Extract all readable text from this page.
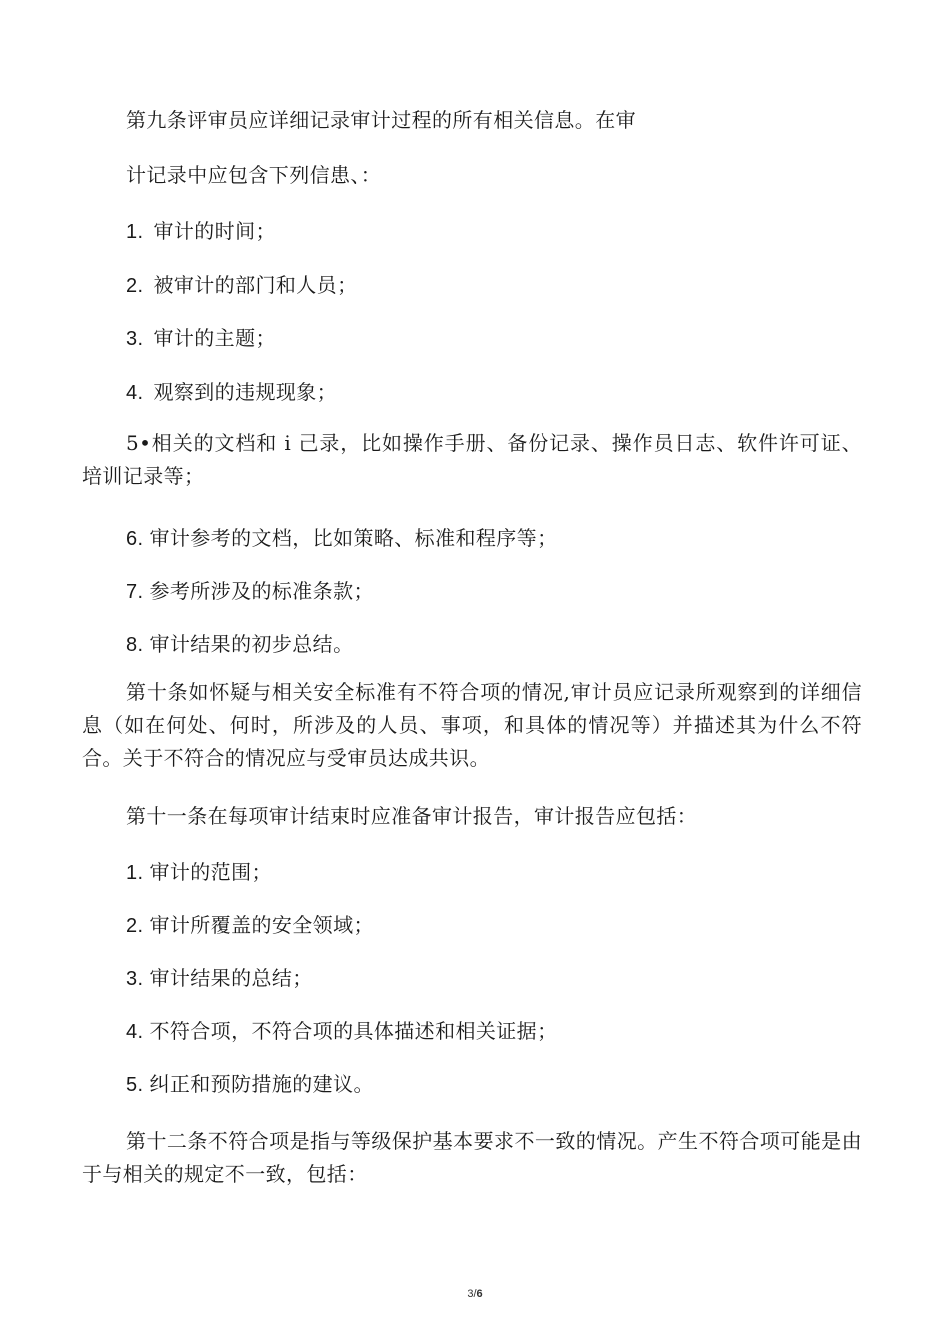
第九条评审员应详细记录审计过程的所有相关信息。在审
计记录中应包含下列信患、：
1. 审计的时间；
2. 被审计的部门和人员；
3. 审计的主题；
4. 观察到的违规现象；
5•相关的文档和 i 己录，比如操作手册、备份记录、操作员日志、软件许可证、培训记录等；
6. 审计参考的文档，比如策略、标准和程序等；
7. 参考所涉及的标准条款；
8. 审计结果的初步总结。
第十条如怀疑与相关安全标准有不符合项的情况,审计员应记录所观察到的详细信息（如在何处、何时，所涉及的人员、事项，和具体的情况等）并描述其为什么不符合。关于不符合的情况应与受审员达成共识。
第十一条在每项审计结束时应准备审计报告，审计报告应包括：
1. 审计的范围；
2. 审计所覆盖的安全领域；
3. 审计结果的总结；
4. 不符合项，不符合项的具体描述和相关证据；
5. 纠正和预防措施的建议。
第十二条不符合项是指与等级保护基本要求不一致的情况。产生不符合项可能是由于与相关的规定不一致，包括：
3/6
